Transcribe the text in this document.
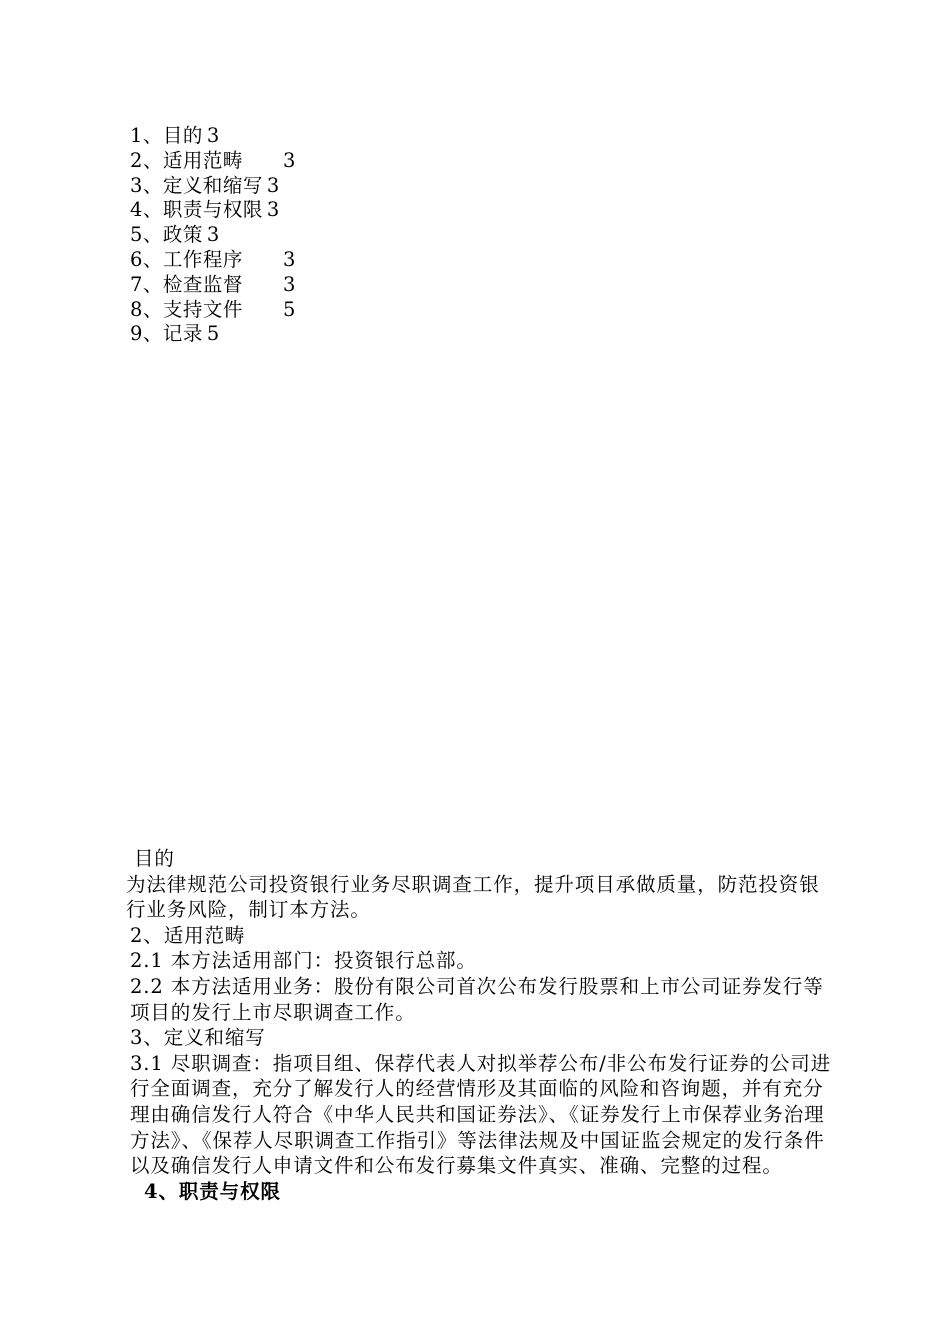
1、目的 3
2、适用范畴 3
3、定义和缩写 3
4、职责与权限 3
5、政策 3
6、工作程序 3
7、检查监督 3
8、支持文件 5
9、记录 5

目的

为法律规范公司投资银行业务尽职调查工作，提升项目承做质量，防范投资银行业务风险，制订本方法。

2、适用范畴

2.1 本方法适用部门：投资银行总部。

2.2 本方法适用业务：股份有限公司首次公布发行股票和上市公司证券发行等项目的发行上市尽职调查工作。

3、定义和缩写

3.1 尽职调查：指项目组、保荐代表人对拟举荐公布/非公布发行证券的公司进行全面调查，充分了解发行人的经营情形及其面临的风险和咨询题，并有充分理由确信发行人符合《中华人民共和国证券法》、《证券发行上市保荐业务治理方法》、《保荐人尽职调查工作指引》等法律法规及中国证监会规定的发行条件以及确信发行人申请文件和公布发行募集文件真实、准确、完整的过程。

4、职责与权限
